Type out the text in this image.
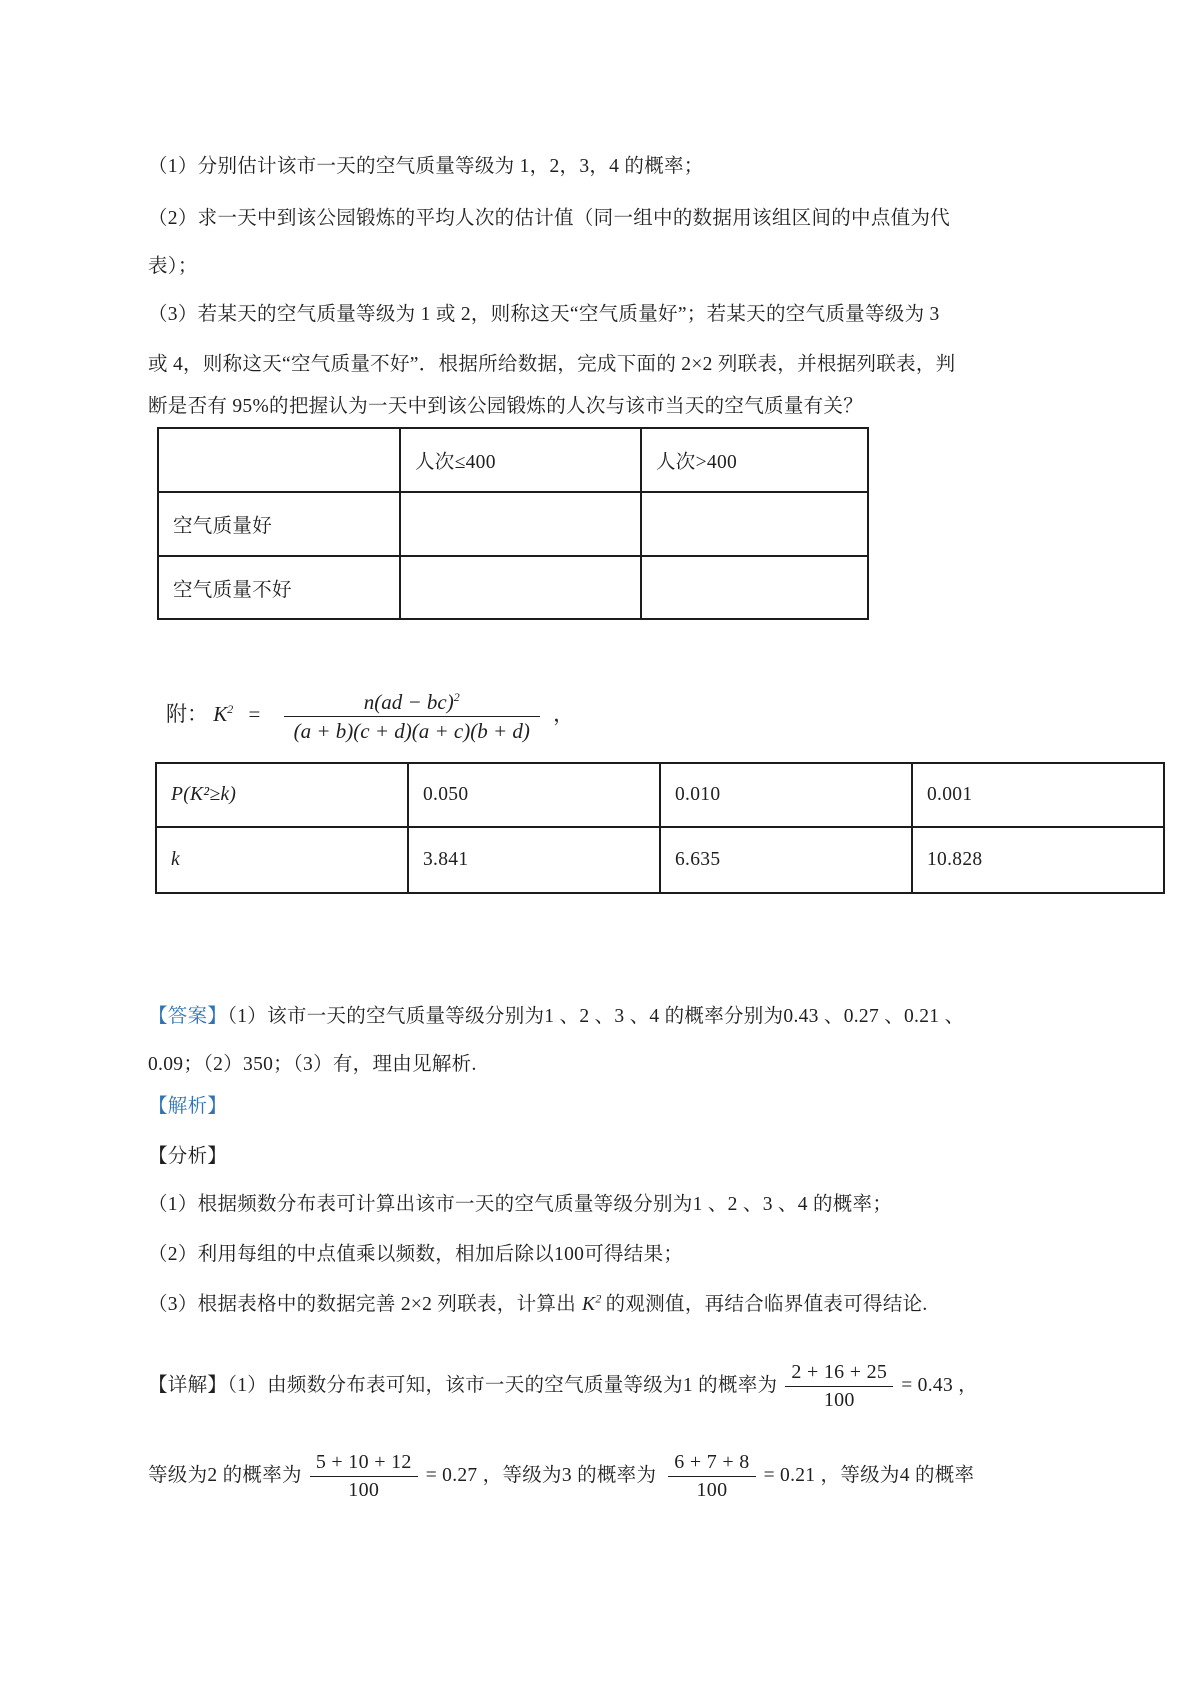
（1）分别估计该市一天的空气质量等级为 1，2，3，4 的概率；
（2）求一天中到该公园锻炼的平均人次的估计值（同一组中的数据用该组区间的中点值为代
表）；
（3）若某天的空气质量等级为 1 或 2，则称这天“空气质量好”；若某天的空气质量等级为 3
或 4，则称这天“空气质量不好”．根据所给数据，完成下面的 2×2 列联表，并根据列联表，判
断是否有 95%的把握认为一天中到该公园锻炼的人次与该市当天的空气质量有关？
	人次≤400	人次>400
空气质量好		
空气质量不好		
附： $K^2 = \frac{n(ad - bc)^2}{(a + b)(c + d)(a + c)(b + d)}$ ，
P(K²≥k)	0.050	0.010	0.001
k	3.841	6.635	10.828
【答案】（1）该市一天的空气质量等级分别为1 、2 、3 、4 的概率分别为0.43 、0.27 、0.21 、
0.09；（2）350；（3）有，理由见解析.
【解析】
【分析】
（1）根据频数分布表可计算出该市一天的空气质量等级分别为1 、2 、3 、4 的概率；
（2）利用每组的中点值乘以频数，相加后除以100可得结果；
（3）根据表格中的数据完善 2×2 列联表，计算出 $K^2$ 的观测值，再结合临界值表可得结论.
【详解】（1）由频数分布表可知，该市一天的空气质量等级为1 的概率为 $\frac{2 + 16 + 25}{100} = 0.43$ ，
等级为2 的概率为 $\frac{5 + 10 + 12}{100} = 0.27$ ，等级为3 的概率为 $\frac{6 + 7 + 8}{100} = 0.21$ ，等级为4 的概率
